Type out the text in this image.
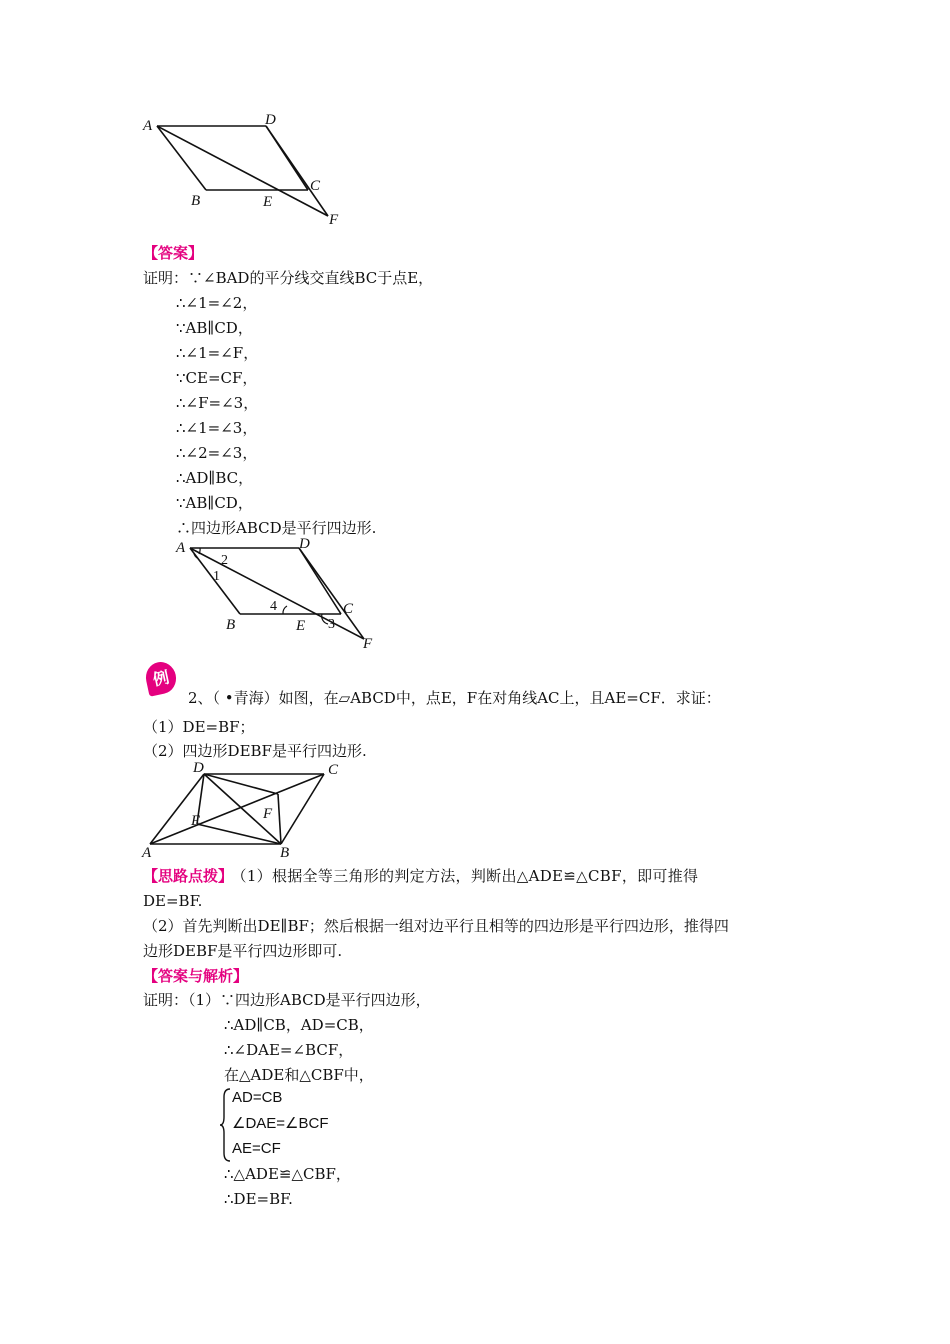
A	D
B	E
C
F
【答案】
证明：∵∠BAD的平分线交直线BC于点E，
∴∠1=∠2，
∵AB∥CD，
∴∠1=∠F，
∵CE=CF，
∴∠F=∠3，
∴∠1=∠3，
∴∠2=∠3，
∴AD∥BC，
∵AB∥CD，
∴四边形ABCD是平行四边形.
A	D
B	E
C
F
2
1
4
3
例
2、（ •青海）如图，在▱ABCD中，点E，F在对角线AC上，且AE=CF．求证：
（1）DE=BF；
（2）四边形DEBF是平行四边形.
D	C
E	F
A	B
【思路点拨】 （1）根据全等三角形的判定方法，判断出△ADE≌△CBF，即可推得
DE=BF.
（2）首先判断出DE∥BF；然后根据一组对边平行且相等的四边形是平行四边形，推得四
边形DEBF是平行四边形即可.
【答案与解析】
证明：（1）∵四边形ABCD是平行四边形，
∴AD∥CB，AD=CB，
∴∠DAE=∠BCF，
在△ADE和△CBF中，
AD=CB
∠DAE=∠BCF
AE=CF
∴△ADE≌△CBF，
∴DE=BF.
